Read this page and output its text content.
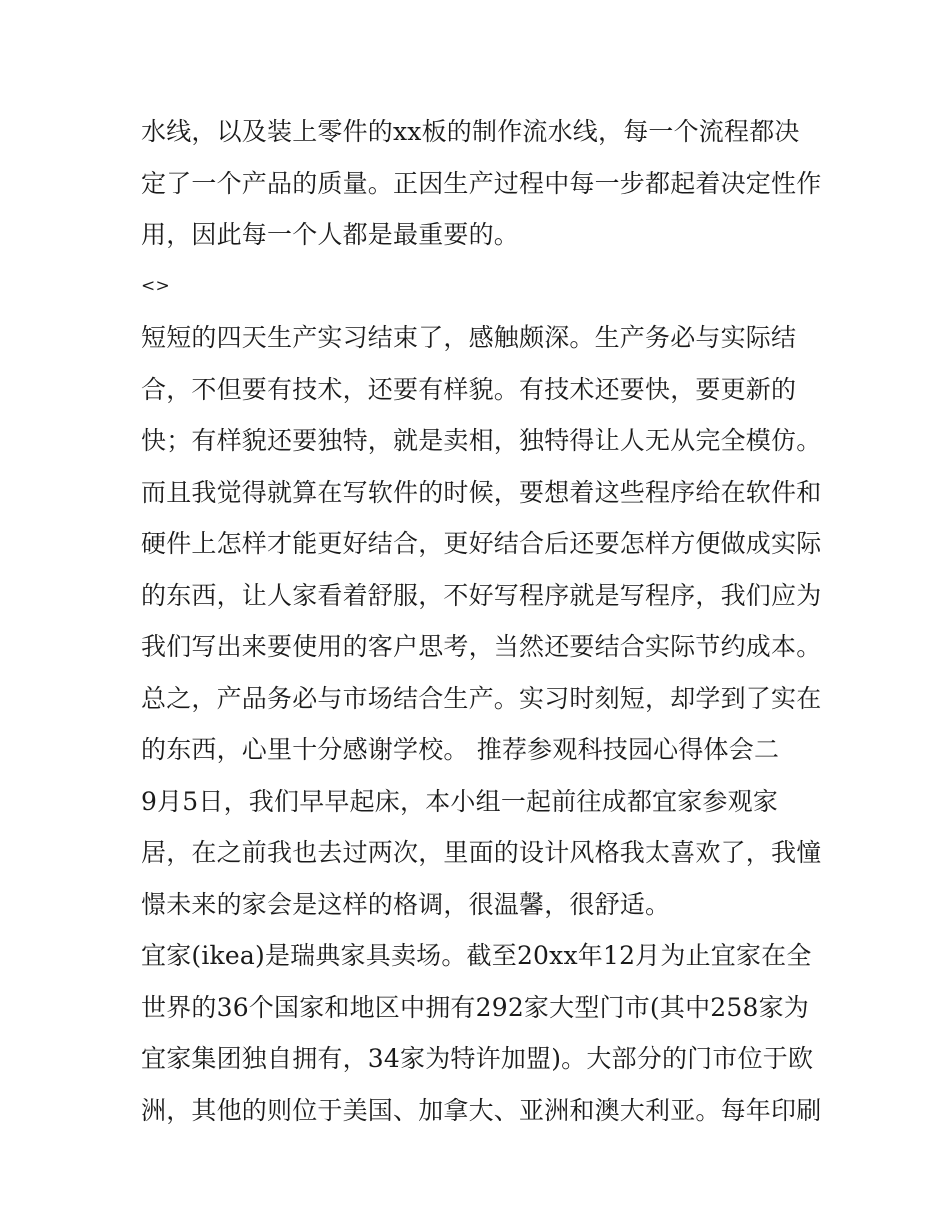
水线，以及装上零件的xx板的制作流水线，每一个流程都决
定了一个产品的质量。正因生产过程中每一步都起着决定性作
用，因此每一个人都是最重要的。
<>
短短的四天生产实习结束了，感触颇深。生产务必与实际结
合，不但要有技术，还要有样貌。有技术还要快，要更新的
快；有样貌还要独特，就是卖相，独特得让人无从完全模仿。
而且我觉得就算在写软件的时候，要想着这些程序给在软件和
硬件上怎样才能更好结合，更好结合后还要怎样方便做成实际
的东西，让人家看着舒服，不好写程序就是写程序，我们应为
我们写出来要使用的客户思考，当然还要结合实际节约成本。
总之，产品务必与市场结合生产。实习时刻短，却学到了实在
的东西，心里十分感谢学校。 推荐参观科技园心得体会二
9月5日，我们早早起床，本小组一起前往成都宜家参观家
居，在之前我也去过两次，里面的设计风格我太喜欢了，我憧
憬未来的家会是这样的格调，很温馨，很舒适。
宜家(ikea)是瑞典家具卖场。截至20xx年12月为止宜家在全
世界的36个国家和地区中拥有292家大型门市(其中258家为
宜家集团独自拥有，34家为特许加盟)。大部分的门市位于欧
洲，其他的则位于美国、加拿大、亚洲和澳大利亚。每年印刷
